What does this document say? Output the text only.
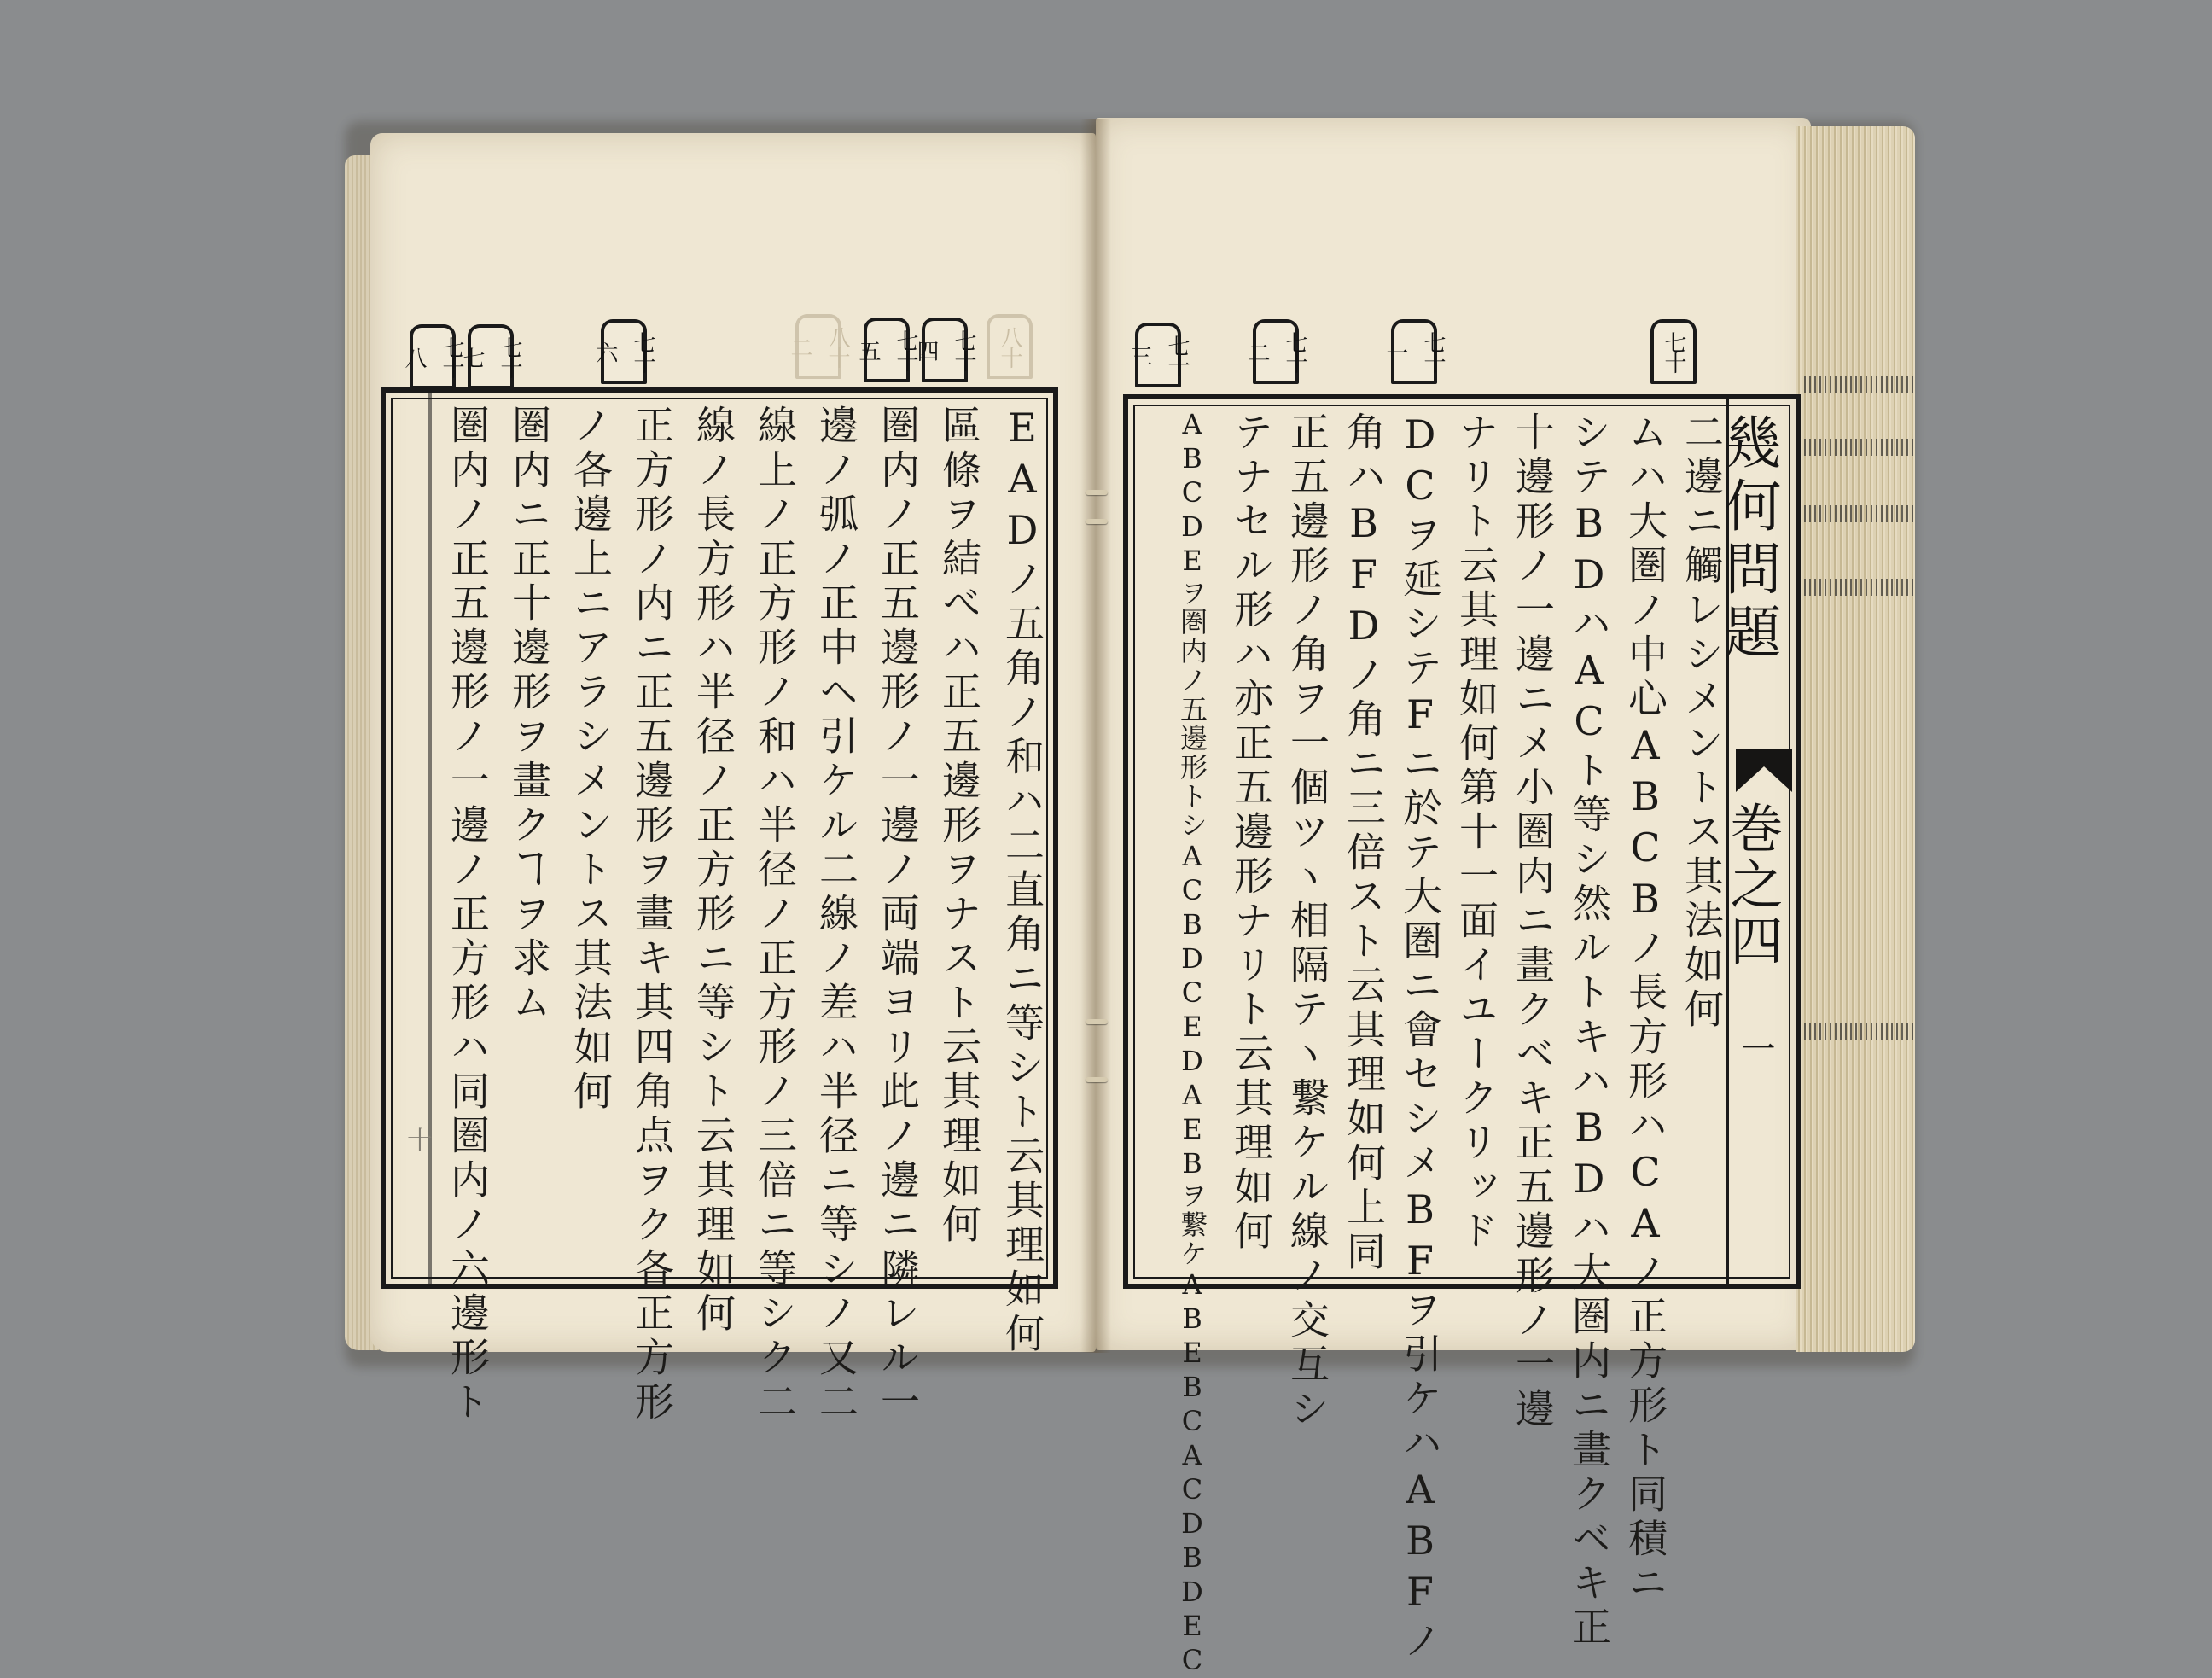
七十
七十一
七十二
七十三
八十
八十二	七十四
七十五
七十六
七十七
七十八
幾何問題
巻之四
一
二邊ニ觸レシメントス其法如何
ムハ大圏ノ中心ABCBノ長方形ハCAノ正方形ト同積ニ
シテBDハACト等シ然ルトキハBDハ大圏内ニ畫クベキ正
十邊形ノ一邊ニメ小圏内ニ畫クベキ正五邊形ノ一邊
ナリト云其理如何第十一面イユークリッド
DCヲ延シテFニ於テ大圏ニ會セシメBFヲ引ケハABFノ
角ハBFDノ角ニ三倍スト云其理如何上同
正五邊形ノ角ヲ一個ツヽ相隔テヽ繋ケル線ノ交互シ
テナセル形ハ亦正五邊形ナリト云其理如何
ABCDEヲ圏内ノ五邊形トシACBDCEDAEBヲ繋ケABEBCACDBDEC
十	EADノ五角ノ和ハ二直角ニ等シト云其理如何
區條ヲ結べハ正五邊形ヲナスト云其理如何
圏内ノ正五邊形ノ一邊ノ両端ヨリ此ノ邊ニ隣レル一
邊ノ弧ノ正中ヘ引ケル二線ノ差ハ半径ニ等シノ又二
線上ノ正方形ノ和ハ半径ノ正方形ノ三倍ニ等シク二
線ノ長方形ハ半径ノ正方形ニ等シト云其理如何
正方形ノ内ニ正五邊形ヲ畫キ其四角点ヲク各正方形
ノ各邊上ニアラシメントス其法如何
圏内ニ正十邊形ヲ畫クヿヲ求ム
圏内ノ正五邊形ノ一邊ノ正方形ハ同圏内ノ六邊形ト
